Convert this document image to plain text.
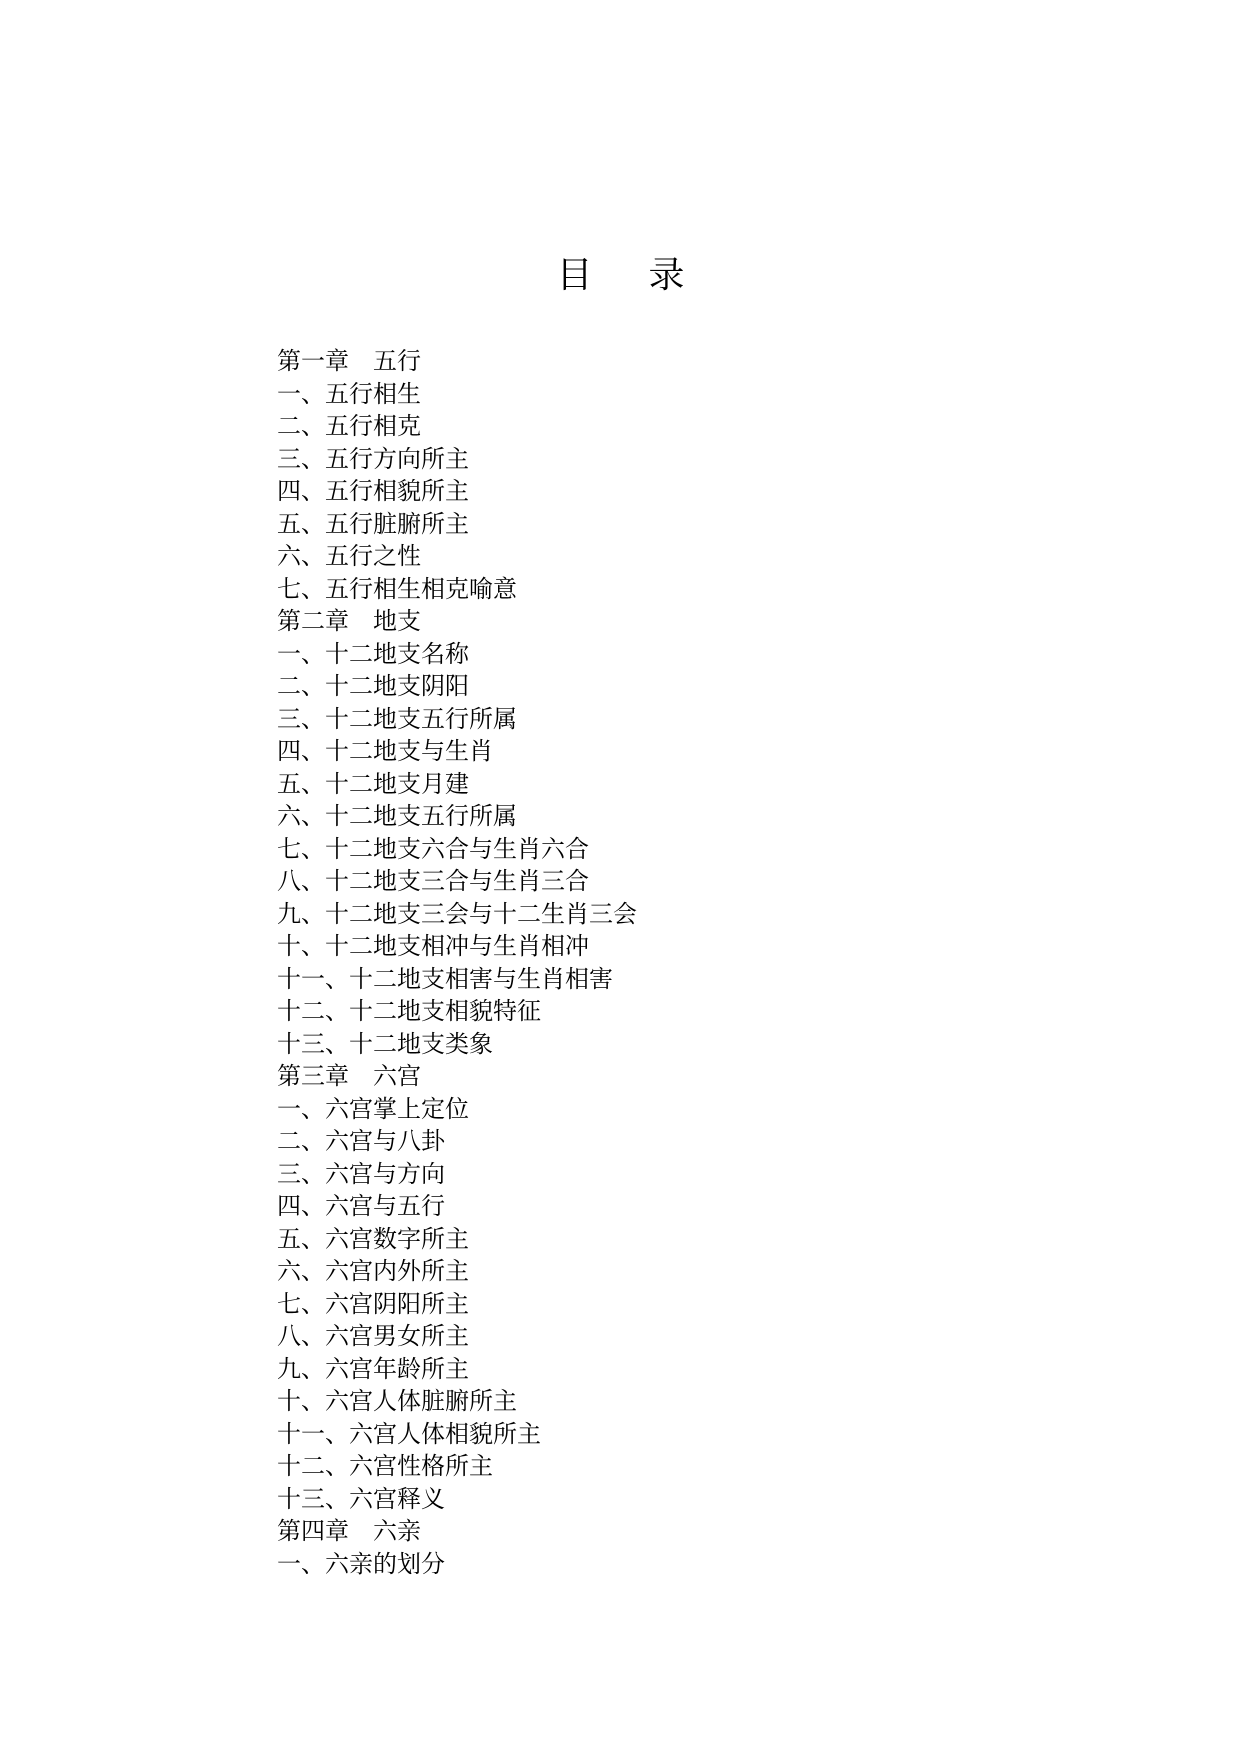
目 录
第一章　五行
一、五行相生
二、五行相克
三、五行方向所主
四、五行相貌所主
五、五行脏腑所主
六、五行之性
七、五行相生相克喻意
第二章　地支
一、十二地支名称
二、十二地支阴阳
三、十二地支五行所属
四、十二地支与生肖
五、十二地支月建
六、十二地支五行所属
七、十二地支六合与生肖六合
八、十二地支三合与生肖三合
九、十二地支三会与十二生肖三会
十、十二地支相冲与生肖相冲
十一、十二地支相害与生肖相害
十二、十二地支相貌特征
十三、十二地支类象
第三章　六宫
一、六宫掌上定位
二、六宫与八卦
三、六宫与方向
四、六宫与五行
五、六宫数字所主
六、六宫内外所主
七、六宫阴阳所主
八、六宫男女所主
九、六宫年龄所主
十、六宫人体脏腑所主
十一、六宫人体相貌所主
十二、六宫性格所主
十三、六宫释义
第四章　六亲
一、六亲的划分
